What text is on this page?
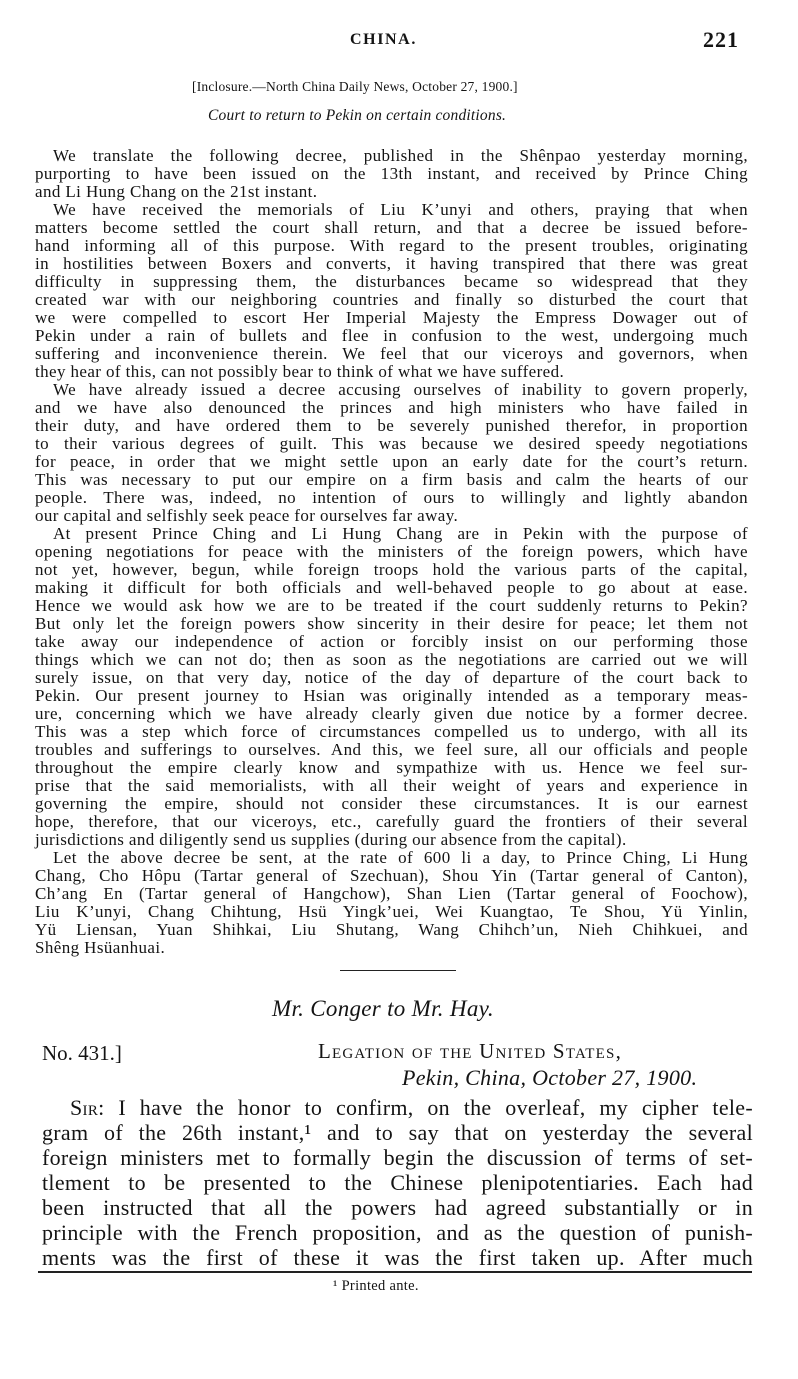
CHINA.	221
[Inclosure.—North China Daily News, October 27, 1900.]
Court to return to Pekin on certain conditions.
We translate the following decree, published in the Shênpao yesterday morning,
purporting to have been issued on the 13th instant, and received by Prince Ching
and Li Hung Chang on the 21st instant.
We have received the memorials of Liu K’unyi and others, praying that when
matters become settled the court shall return, and that a decree be issued before-
hand informing all of this purpose. With regard to the present troubles, originating
in hostilities between Boxers and converts, it having transpired that there was great
difficulty in suppressing them, the disturbances became so widespread that they
created war with our neighboring countries and finally so disturbed the court that
we were compelled to escort Her Imperial Majesty the Empress Dowager out of
Pekin under a rain of bullets and flee in confusion to the west, undergoing much
suffering and inconvenience therein. We feel that our viceroys and governors, when
they hear of this, can not possibly bear to think of what we have suffered.
We have already issued a decree accusing ourselves of inability to govern properly,
and we have also denounced the princes and high ministers who have failed in
their duty, and have ordered them to be severely punished therefor, in proportion
to their various degrees of guilt. This was because we desired speedy negotiations
for peace, in order that we might settle upon an early date for the court’s return.
This was necessary to put our empire on a firm basis and calm the hearts of our
people. There was, indeed, no intention of ours to willingly and lightly abandon
our capital and selfishly seek peace for ourselves far away.
At present Prince Ching and Li Hung Chang are in Pekin with the purpose of
opening negotiations for peace with the ministers of the foreign powers, which have
not yet, however, begun, while foreign troops hold the various parts of the capital,
making it difficult for both officials and well-behaved people to go about at ease.
Hence we would ask how we are to be treated if the court suddenly returns to Pekin?
But only let the foreign powers show sincerity in their desire for peace; let them not
take away our independence of action or forcibly insist on our performing those
things which we can not do; then as soon as the negotiations are carried out we will
surely issue, on that very day, notice of the day of departure of the court back to
Pekin. Our present journey to Hsian was originally intended as a temporary meas-
ure, concerning which we have already clearly given due notice by a former decree.
This was a step which force of circumstances compelled us to undergo, with all its
troubles and sufferings to ourselves. And this, we feel sure, all our officials and people
throughout the empire clearly know and sympathize with us. Hence we feel sur-
prise that the said memorialists, with all their weight of years and experience in
governing the empire, should not consider these circumstances. It is our earnest
hope, therefore, that our viceroys, etc., carefully guard the frontiers of their several
jurisdictions and diligently send us supplies (during our absence from the capital).
Let the above decree be sent, at the rate of 600 li a day, to Prince Ching, Li Hung
Chang, Cho Hôpu (Tartar general of Szechuan), Shou Yin (Tartar general of Canton),
Ch’ang En (Tartar general of Hangchow), Shan Lien (Tartar general of Foochow),
Liu K’unyi, Chang Chihtung, Hsü Yingk’uei, Wei Kuangtao, Te Shou, Yü Yinlin,
Yü Liensan, Yuan Shihkai, Liu Shutang, Wang Chihch’un, Nieh Chihkuei, and
Shêng Hsüanhuai.
Mr. Conger to Mr. Hay.
No. 431.]	Legation of the United States,
Pekin, China, October 27, 1900.
Sir: I have the honor to confirm, on the overleaf, my cipher tele-
gram of the 26th instant,¹ and to say that on yesterday the several
foreign ministers met to formally begin the discussion of terms of set-
tlement to be presented to the Chinese plenipotentiaries. Each had
been instructed that all the powers had agreed substantially or in
principle with the French proposition, and as the question of punish-
ments was the first of these it was the first taken up. After much
¹ Printed ante.
